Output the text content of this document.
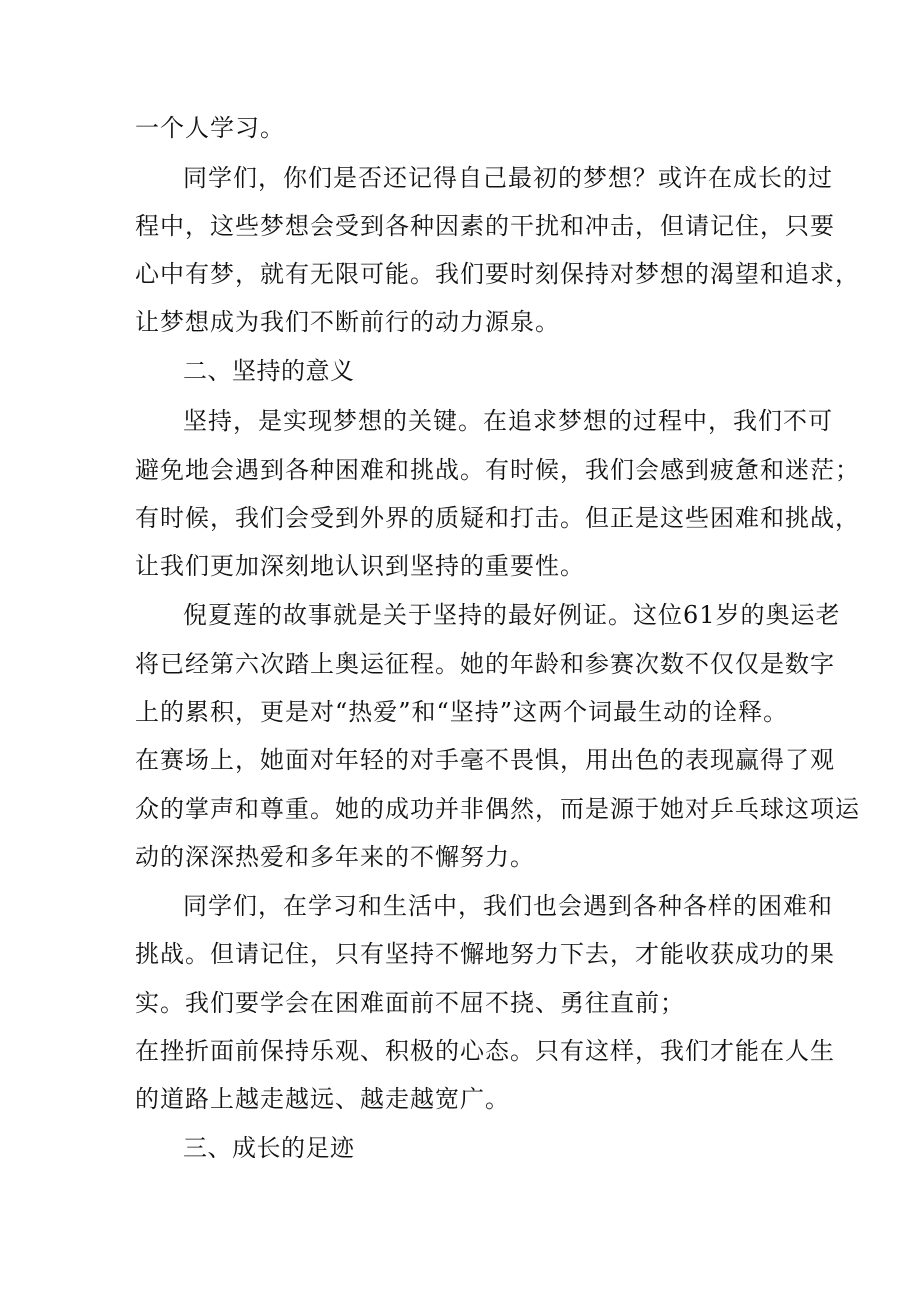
一个人学习。
同学们，你们是否还记得自己最初的梦想？或许在成长的过
程中，这些梦想会受到各种因素的干扰和冲击，但请记住，只要
心中有梦，就有无限可能。我们要时刻保持对梦想的渴望和追求，
让梦想成为我们不断前行的动力源泉。
二、坚持的意义
坚持，是实现梦想的关键。在追求梦想的过程中，我们不可
避免地会遇到各种困难和挑战。有时候，我们会感到疲惫和迷茫；
有时候，我们会受到外界的质疑和打击。但正是这些困难和挑战，
让我们更加深刻地认识到坚持的重要性。
倪夏莲的故事就是关于坚持的最好例证。这位61岁的奥运老
将已经第六次踏上奥运征程。她的年龄和参赛次数不仅仅是数字
上的累积，更是对“热爱”和“坚持”这两个词最生动的诠释。
在赛场上，她面对年轻的对手毫不畏惧，用出色的表现赢得了观
众的掌声和尊重。她的成功并非偶然，而是源于她对乒乓球这项运
动的深深热爱和多年来的不懈努力。
同学们，在学习和生活中，我们也会遇到各种各样的困难和
挑战。但请记住，只有坚持不懈地努力下去，才能收获成功的果
实。我们要学会在困难面前不屈不挠、勇往直前；
在挫折面前保持乐观、积极的心态。只有这样，我们才能在人生
的道路上越走越远、越走越宽广。
三、成长的足迹
